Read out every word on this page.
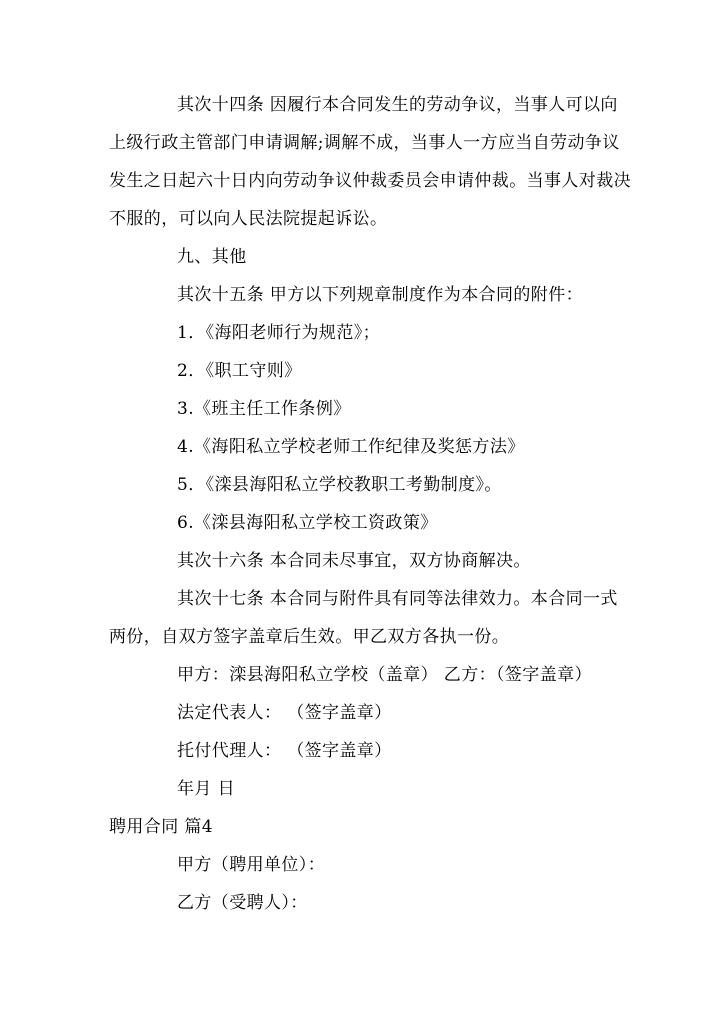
其次十四条 因履行本合同发生的劳动争议，当事人可以向
上级行政主管部门申请调解;调解不成，当事人一方应当自劳动争议
发生之日起六十日内向劳动争议仲裁委员会申请仲裁。当事人对裁决
不服的，可以向人民法院提起诉讼。
九、其他
其次十五条 甲方以下列规章制度作为本合同的附件：
1．《海阳老师行为规范》；
2．《职工守则》
3.《班主任工作条例》
4.《海阳私立学校老师工作纪律及奖惩方法》
5．《滦县海阳私立学校教职工考勤制度》。
6.《滦县海阳私立学校工资政策》
其次十六条 本合同未尽事宜，双方协商解决。
其次十七条 本合同与附件具有同等法律效力。本合同一式
两份，自双方签字盖章后生效。甲乙双方各执一份。
甲方：滦县海阳私立学校（盖章） 乙方：（签字盖章）
法定代表人： （签字盖章）
托付代理人： （签字盖章）
年月 日
聘用合同 篇4
甲方（聘用单位）：
乙方（受聘人）：
